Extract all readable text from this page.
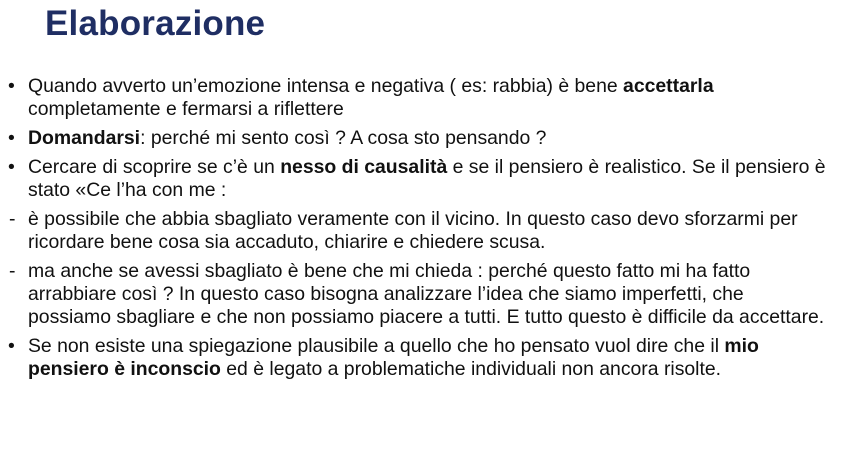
Elaborazione
• Quando avverto un’emozione intensa e negativa ( es: rabbia) è bene accettarla completamente e fermarsi a riflettere
• Domandarsi: perché mi sento così ? A cosa sto pensando ?
• Cercare di scoprire se c’è un nesso di causalità e se il pensiero è realistico. Se il pensiero è stato «Ce l’ha con me :
- è possibile che abbia sbagliato veramente con il vicino. In questo caso devo sforzarmi per ricordare bene cosa sia accaduto, chiarire e chiedere scusa.
- ma anche se avessi sbagliato è bene che mi chieda : perché questo fatto mi ha fatto arrabbiare così ? In questo caso bisogna analizzare l’idea che siamo imperfetti, che possiamo sbagliare e che non possiamo piacere a tutti. E tutto questo è difficile da accettare.
• Se non esiste una spiegazione plausibile a quello che ho pensato vuol dire che il mio pensiero è inconscio ed è legato a problematiche individuali non ancora risolte.
